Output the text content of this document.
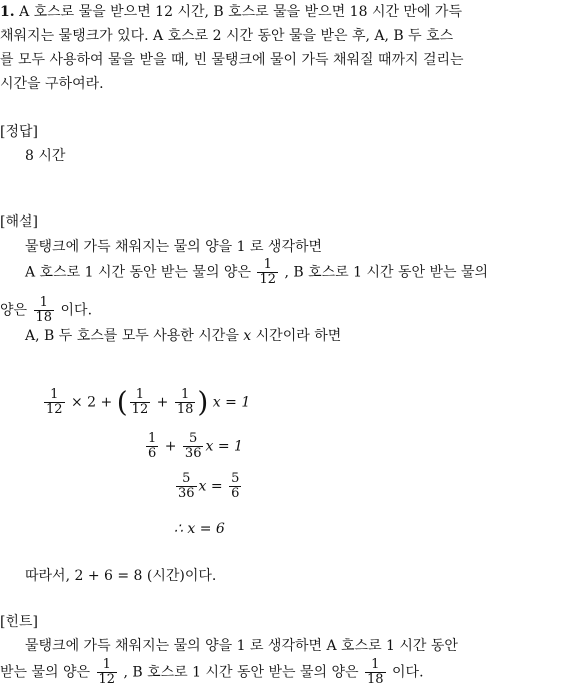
1. A 호스로 물을 받으면 12 시간, B 호스로 물을 받으면 18 시간 만에 가득
채워지는 물탱크가 있다. A 호스로 2 시간 동안 물을 받은 후, A, B 두 호스
를 모두 사용하여 물을 받을 때, 빈 물탱크에 물이 가득 채워질 때까지 걸리는
시간을 구하여라.
[정답]
8 시간
[해설]
물탱크에 가득 채워지는 물의 양을 1 로 생각하면
A 호스로 1 시간 동안 받는 물의 양은 $\frac{1}{12}$ , B 호스로 1 시간 동안 받는 물의
양은 $\frac{1}{18}$ 이다.
A, B 두 호스를 모두 사용한 시간을 x 시간이라 하면
$\frac{1}{12} \times 2$ + ( $\frac{1}{12} + \frac{1}{18}$ ) x = 1
$\frac{1}{6} + \frac{5}{36}$ x = 1
$\frac{5}{36}$ $x = \frac{5}{6}$
∴ x = 6
따라서, 2 + 6 = 8 (시간)이다.
[힌트]
물탱크에 가득 채워지는 물의 양을 1 로 생각하면 A 호스로 1 시간 동안
받는 물의 양은 $\frac{1}{12}$ , B 호스로 1 시간 동안 받는 물의 양은 $\frac{1}{18}$ 이다.
